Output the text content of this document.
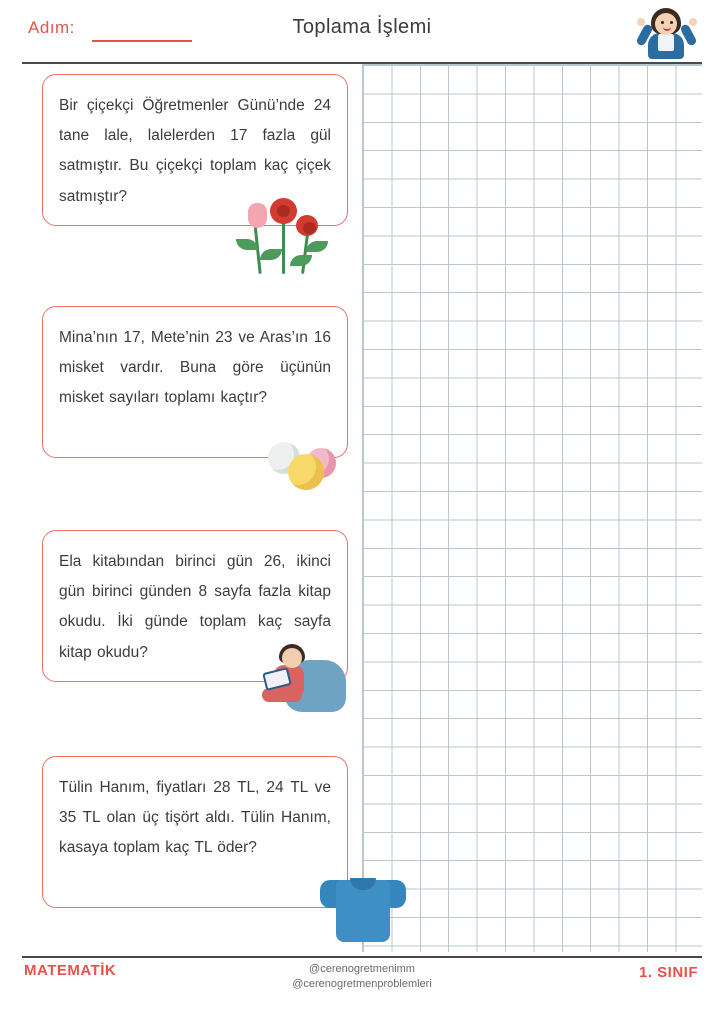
Adım:	Toplama İşlemi

Bir çiçekçi Öğretmenler Günü’nde 24 tane lale, lalelerden 17 fazla gül satmıştır. Bu çiçekçi toplam kaç çiçek satmıştır?

Mina’nın 17, Mete’nin 23 ve Aras’ın 16 misket vardır. Buna göre üçünün misket sayıları toplamı kaçtır?

Ela kitabından birinci gün 26, ikinci gün birinci günden 8 sayfa fazla kitap okudu. İki günde toplam kaç sayfa kitap okudu?

Tülin Hanım, fiyatları 28 TL, 24 TL ve 35 TL olan üç tişört aldı. Tülin Hanım, kasaya toplam kaç TL öder?

MATEMATİK	@cerenogretmenimm
@cerenogretmenproblemleri
1. SINIF
